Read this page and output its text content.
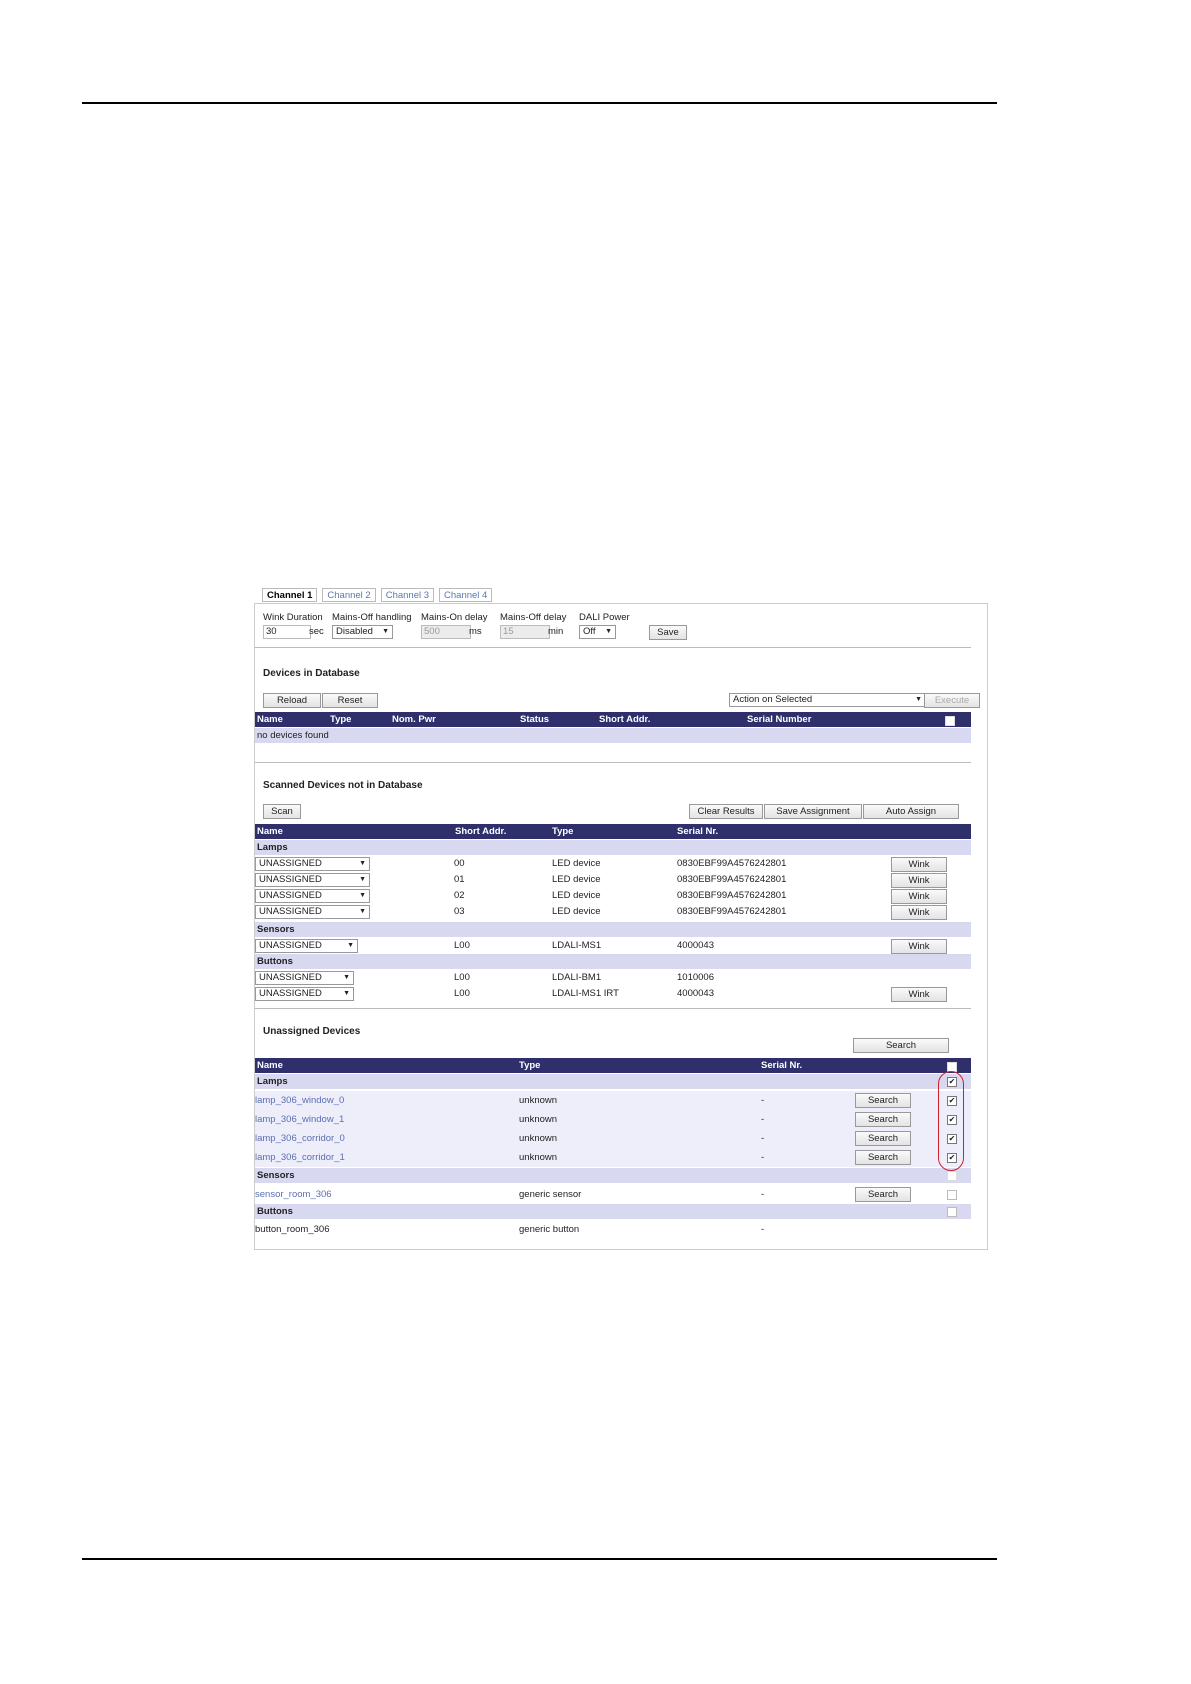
Channel 1	Channel 2	Channel 3	Channel 4
Wink Duration
30	sec
Mains-Off handling
Disabled ▼
Mains-On delay
500	ms
Mains-Off delay
15	min
DALI Power
Off ▼	Save
Devices in Database
Reload	Reset	Action on Selected	▼	Execute
Name	Type	Nom. Pwr	Status	Short Addr.	Serial Number
no devices found
Scanned Devices not in Database
Scan	Clear Results	Save Assignment	Auto Assign
Name	Short Addr.	Type	Serial Nr.
Lamps
UNASSIGNED	▼	00	LED device	0830EBF99A4576242801	Wink
UNASSIGNED	▼	01	LED device	0830EBF99A4576242801	Wink
UNASSIGNED	▼	02	LED device	0830EBF99A4576242801	Wink
UNASSIGNED	▼	03	LED device	0830EBF99A4576242801	Wink
Sensors
UNASSIGNED	▼	L00	LDALI-MS1	4000043	Wink
Buttons
UNASSIGNED	▼	L00	LDALI-BM1	1010006
UNASSIGNED	▼	L00	LDALI-MS1 IRT	4000043	Wink
Unassigned Devices
Search
Name	Type	Serial Nr.
Lamps	✔
lamp_306_window_0	unknown	-	Search	✔
lamp_306_window_1	unknown	-	Search	✔
lamp_306_corridor_0	unknown	-	Search	✔
lamp_306_corridor_1	unknown	-	Search	✔
Sensors
sensor_room_306	generic sensor	-	Search
Buttons
button_room_306	generic button	-
